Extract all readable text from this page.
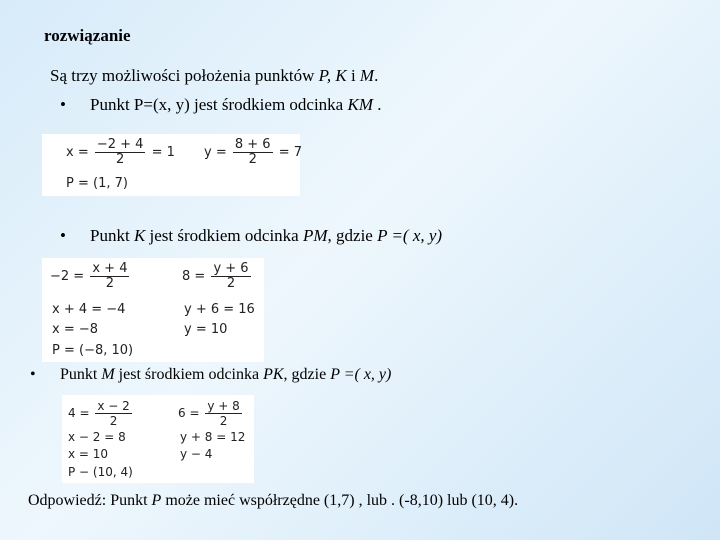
rozwiązanie
Są trzy możliwości położenia punktów P, K i M.
• Punkt P=(x, y) jest środkiem odcinka KM .
$x = \frac{-2 + 4}{2} = 1$ $y = \frac{8 + 6}{2} = 7$
P = (1, 7)
• Punkt K jest środkiem odcinka PM, gdzie P =( x, y)
$-2 = \frac{x + 4}{2}$
x + 4 = −4
x = −8
$8 = \frac{y + 6}{2}$
y + 6 = 16
y = 10
P = (−8, 10)
• Punkt M jest środkiem odcinka PK, gdzie P =( x, y)
$4 = \frac{x - 2}{2}$
x − 2 = 8
x = 10
$6 = \frac{y + 8}{2}$
y + 8 = 12
y − 4
P − (10, 4)
Odpowiedź: Punkt P może mieć współrzędne (1,7) , lub . (-8,10) lub (10, 4).
